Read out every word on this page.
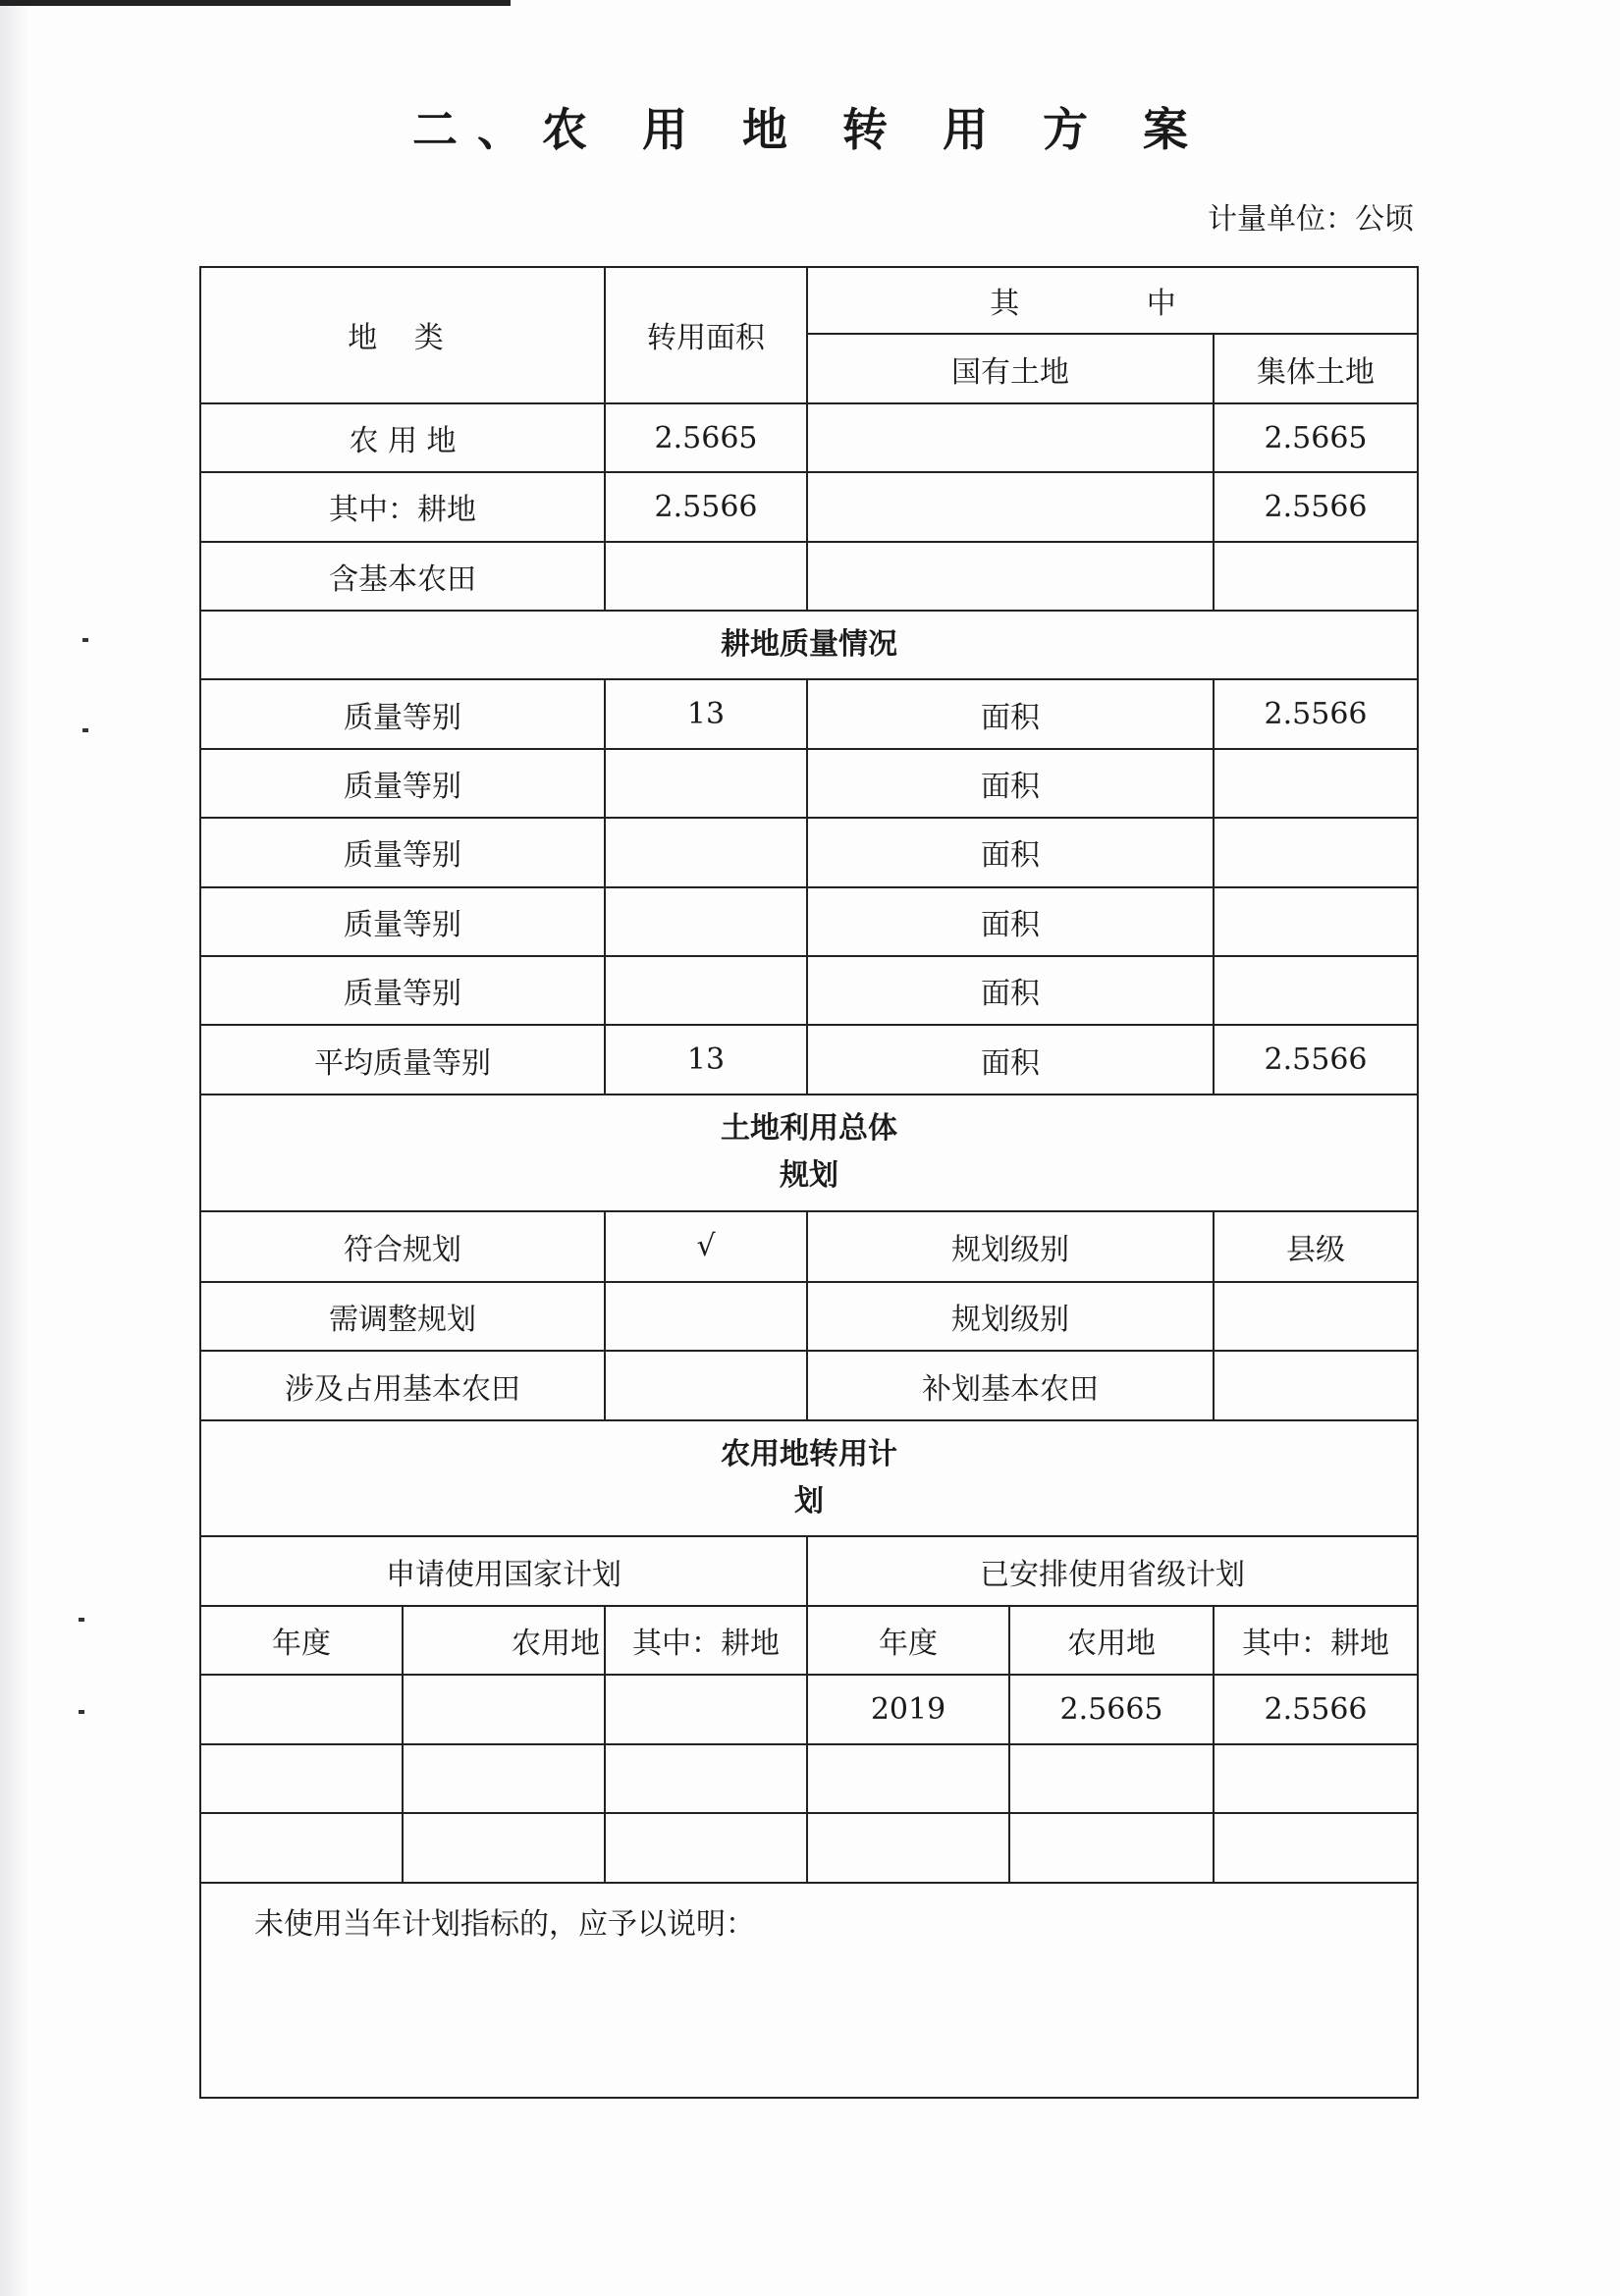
二、农 用 地 转 用 方 案
计量单位：公顷
地 类		转用面积	其 中		
			国有土地		集体土地
农 用 地		2.5665			2.5665
其中：耕地		2.5566			2.5566
含基本农田					
耕地质量情况					
质量等别		13	面积		2.5566
质量等别			面积		
质量等别			面积		
质量等别			面积		
质量等别			面积		
平均质量等别		13	面积		2.5566

土地利用总体
规划					

符合规划		√	规划级别		县级
需调整规划			规划级别		
涉及占用基本农田			补划基本农田		

农用地转用计
划					

申请使用国家计划			已安排使用省级计划		
年度	农用地	其中：耕地	年度	农用地	其中：耕地
			2019	2.5665	2.5566

未使用当年计划指标的，应予以说明：					
